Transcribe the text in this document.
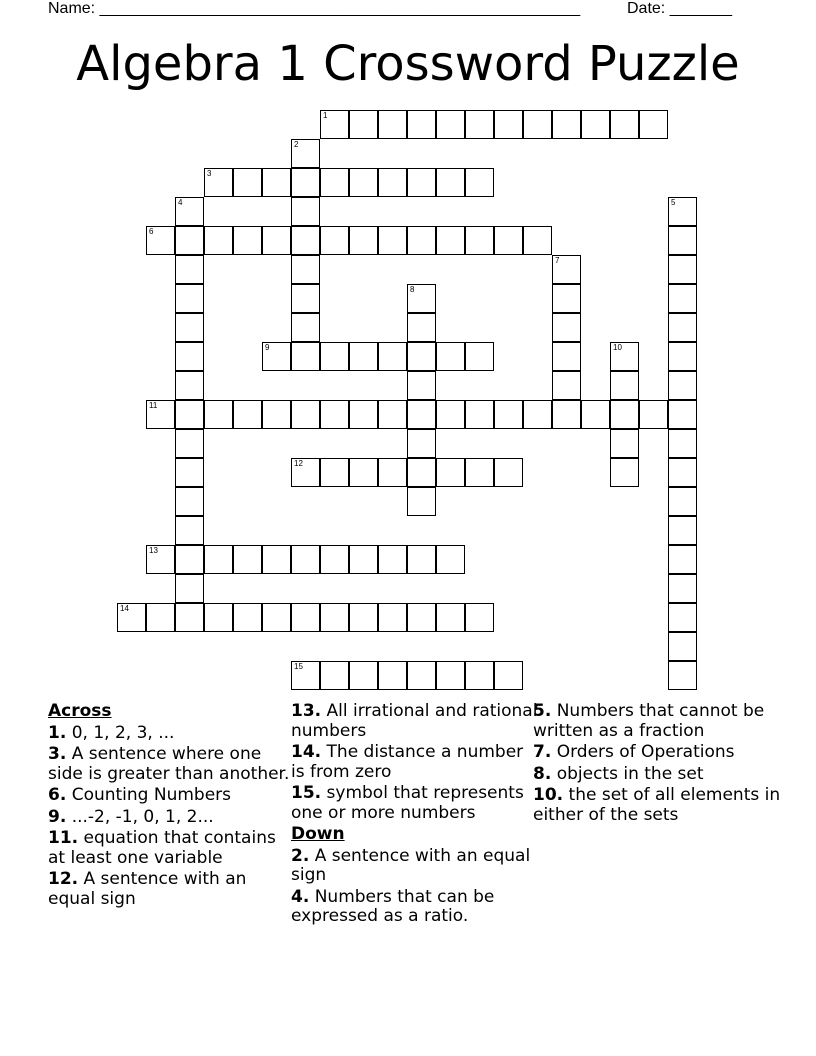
Name: ______________________________________________________	Date: _______
Algebra 1 Crossword Puzzle
1
2
3
4	5
6
7
8
9	10
11
12
13
14
15
Across
1. 0, 1, 2, 3, ...
3. A sentence where one side is greater than another.
6. Counting Numbers
9. ...-2, -1, 0, 1, 2...
11. equation that contains at least one variable
12. A sentence with an equal sign
13. All irrational and rational numbers
14. The distance a number is from zero
15. symbol that represents one or more numbers
Down
2. A sentence with an equal sign
4. Numbers that can be expressed as a ratio.
5. Numbers that cannot be written as a fraction
7. Orders of Operations
8. objects in the set
10. the set of all elements in either of the sets
